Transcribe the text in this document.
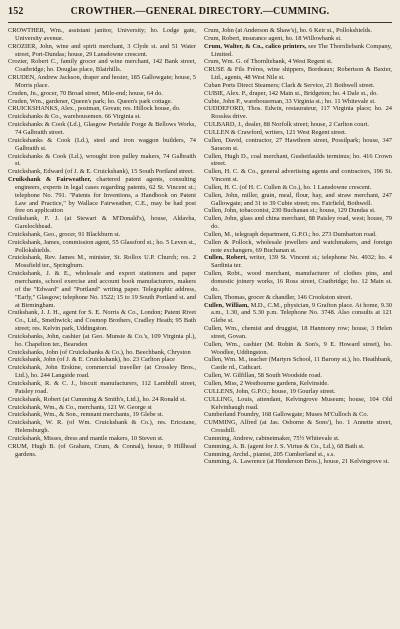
152	CROWTHER.—GENERAL DIRECTORY.—CUMMING.

CROWTHER, Wm., assistant janitor, University; ho. Lodge gate, University avenue.

CROZIER, John, wine and spirit merchant, 3 Clyde st. and 51 Water street, Port-Dundas; house, 29 Lansdowne crescent.

Crozier, Robert C., family grocer and wine merchant, 142 Bank street, Coatbridge; ho. Douglas place, Blairhills.

CRUDEN, Andrew Jackson, draper and hosier, 185 Gallowgate; house, 5 Morris place.

Cruden, Jn., grocer, 70 Broad street, Mile-end; house, 64 do.

Cruden, Wm., gardener, Queen's park; ho. Queen's park cottage.

CRUICKSHANKS, Alex., postman, Govan; res. Hillock house, do.

Cruickshanks & Co., warehousemen. 66 Virginia st.

Cruickshanks & Cook (Ld.), Glasgow Portable Forge & Bellows Works, 74 Galbraith street.

Cruickshanks & Cook (Ld.), steel and iron waggon builders, 74 Galbraith st.

Cruickshanks & Cook (Ld.), wrought iron pulley makers, 74 Galbraith st.

Cruickshank, Edward (of J. & E. Cruickshank), 15 South Portland street.

Cruikshank & Fairweather, chartered patent agents, consulting engineers, experts in legal cases regarding patents, 62 St. Vincent st.; telephone No. 791. "Patents for Inventions, a Handbook on Patent Law and Practice," by Wallace Fairweather, C.E., may be had post free on application

Cruikshank, F. J. (at Stewart & M'Donald's), house, Aldavha, Garelochhead.

Cruickshank, Geo., grocer, 91 Blackburn st.

Cruickshank, James, commission agent, 55 Glassford st.; ho. 5 Leven st., Pollokshields.

Cruickshank, Rev. James M., minister, St. Rollox U.P. Church; res. 2 Mossfield ter., Springburn.

Cruickshank, J. & E., wholesale and export stationers and paper merchants, school exercise and account book manufacturers, makers of the "Edward" and "Portland" writing paper. Telegraphic address, "Early," Glasgow; telephone No. 1522; 15 to 19 South Portland st. and at Birmingham.

Cruikshank, J. J. H., agent for S. E. Norris & Co., London; Patent Rivet Co., Ltd., Smethwick; and Cosmop Brothers, Cradley Heath; 95 Bath street; res. Kelvin park, Uddingston.

Cruickshanks, John, cashier (at Geo. Munsie & Co.'s, 109 Virginia pl.), ho. Chapelton ter., Bearsden

Cruickshanks, John (of Cruickshanks & Co.), ho. Beechbank, Chryston

Cruickshank, John (of J. & E. Cruickshank), ho. 23 Carlton place

Cruickshank, John Erskine, commercial traveller (at Crossley Bros., Ltd.), ho. 244 Langside road.

Cruickshank, R. & C. J., biscuit manufacturers, 112 Lambhill street, Paisley road.

Cruickshank, Robert (at Cumming & Smith's, Ltd.), ho. 24 Ronald st.

Cruickshank, Wm., & Co., merchants, 121 W. George st

Cruickshank, Wm., & Son., remnant merchants, 19 Glebe st.

Cruickshank, W. R. (of Wm. Cruickshank & Co.), res. Ericstane, Helensburgh.

Cruickshank, Misses, dress and mantle makers, 10 Steven st.

CRUM, Hugh B. (of Graham, Crum, & Connal), house, 9 Hillhead gardens.

Crum, John (at Anderson & Shaw's), ho. 6 Keir st., Pollokshields.

Crum, Robert, insurance agent, ho. 18 Willowbank st.

Crum, Walter, & Co., calico printers, see The Thornliebank Company, Limited.

Crum, Wm. G. of Thornliebank, 4 West Regent st.

CRUSE & Fils Frères, wine shippers, Bordeaux; Robertson & Baxter, Ltd., agents, 48 West Nile st.

Cuban Ports Direct Steamers; Clark & Service, 21 Bothwell street.

CUBIE, Alex. P., draper, 142 Main st., Bridgeton; ho. 4 Dale st., do.

Cubie, John P., warehouseman, 33 Virginia st.; ho. 11 Whitevale st.

CUDDEFORD, Thos. Edwin, restaurateur, 117 Virginia place; ho. 24 Rosslea drive.

CULBARD, J., dealer, 88 Norfolk street; house, 2 Carlton court.

CULLEN & Crawford, writers, 121 West Regent street.

Cullen, David, contractor, 27 Hawthorn street, Possilpark; house, 347 Saracen st.

Cullen, Hugh D., coal merchant, Gushetfaulds terminus; ho. 416 Crown street.

Cullen, H. C. & Co., general advertising agents and contractors, 196 St. Vincent st.

Cullen, H. C. (of H. C. Cullen & Co.), ho. 1 Lansdowne crescent.

Cullen, John, miller, grain, meal, flour, hay, and straw merchant, 247 Gallowgate; and 31 to 39 Cubie street; res. Fairfield, Bothwell.

Cullen, John, tobacconist, 230 Buchanan st.; house, 129 Dundas st.

Cullen, John, glass and china merchant, 88 Paisley road, west; house, 79 do.

Cullen, M., telegraph department, G.P.O.; ho. 273 Dumbarton road.

Cullen & Pollock, wholesale jewellers and watchmakers, and foreign note exchangers, 69 Buchanan st.

Cullen, Robert, writer, 139 St. Vincent st.; telephone No. 4932; ho. 4 Sardinia ter.

Cullen, Robt., wood merchant, manufacturer of clothes pins, and domestic joinery works, 16 Ross street, Coatbridge; ho. 12 Main st. do.

Cullen, Thomas, grocer & chandler, 146 Crookston street.

Cullen, William, M.D., C.M., physician, 9 Grafton place. At home, 9.30 a.m., 1.30, and 5.30 p.m. Telephone No. 3748. Also consults at 121 Glebe st.

Cullen, Wm., chemist and druggist, 18 Hanmony row; house, 3 Helen street, Govan.

Cullen, Wm., cashier (M. Robin & Son's, 9 E. Howard street), ho. Woodlee, Uddingston.

Cullen, Wm. M., teacher (Martyrs School, 11 Barony st.), ho. Heathbank, Castle rd., Cathcart.

Cullen, W. Gilfillan, 58 South Woodside road.

Cullen, Miss, 2 Westbourne gardens, Kelvinside.

CULLENS, John, G.P.O.; house, 19 Gourlay street.

CULLING, Louis, attendant, Kelvingrove Museum; house, 104 Old Kelvinhaugh road.

Cumberland Foundry, 168 Gallowgate; Muses M'Culloch & Co.

CUMMING, Alfred (at Jas. Osborne & Sons'), ho. 1 Annette street, Crosshill.

Cumming, Andrew, cabinetmaker, 75½ Whitevale st.

Cumming, A. B. (agent for J. S. Virtue & Co., Ld.), 68 Bath st.

Cumming, Archd., pianist, 205 Cumberland st., s.s.

Cumming, A. Lawrence (at Henderson Bros.), house, 21 Kelvingrove st.
